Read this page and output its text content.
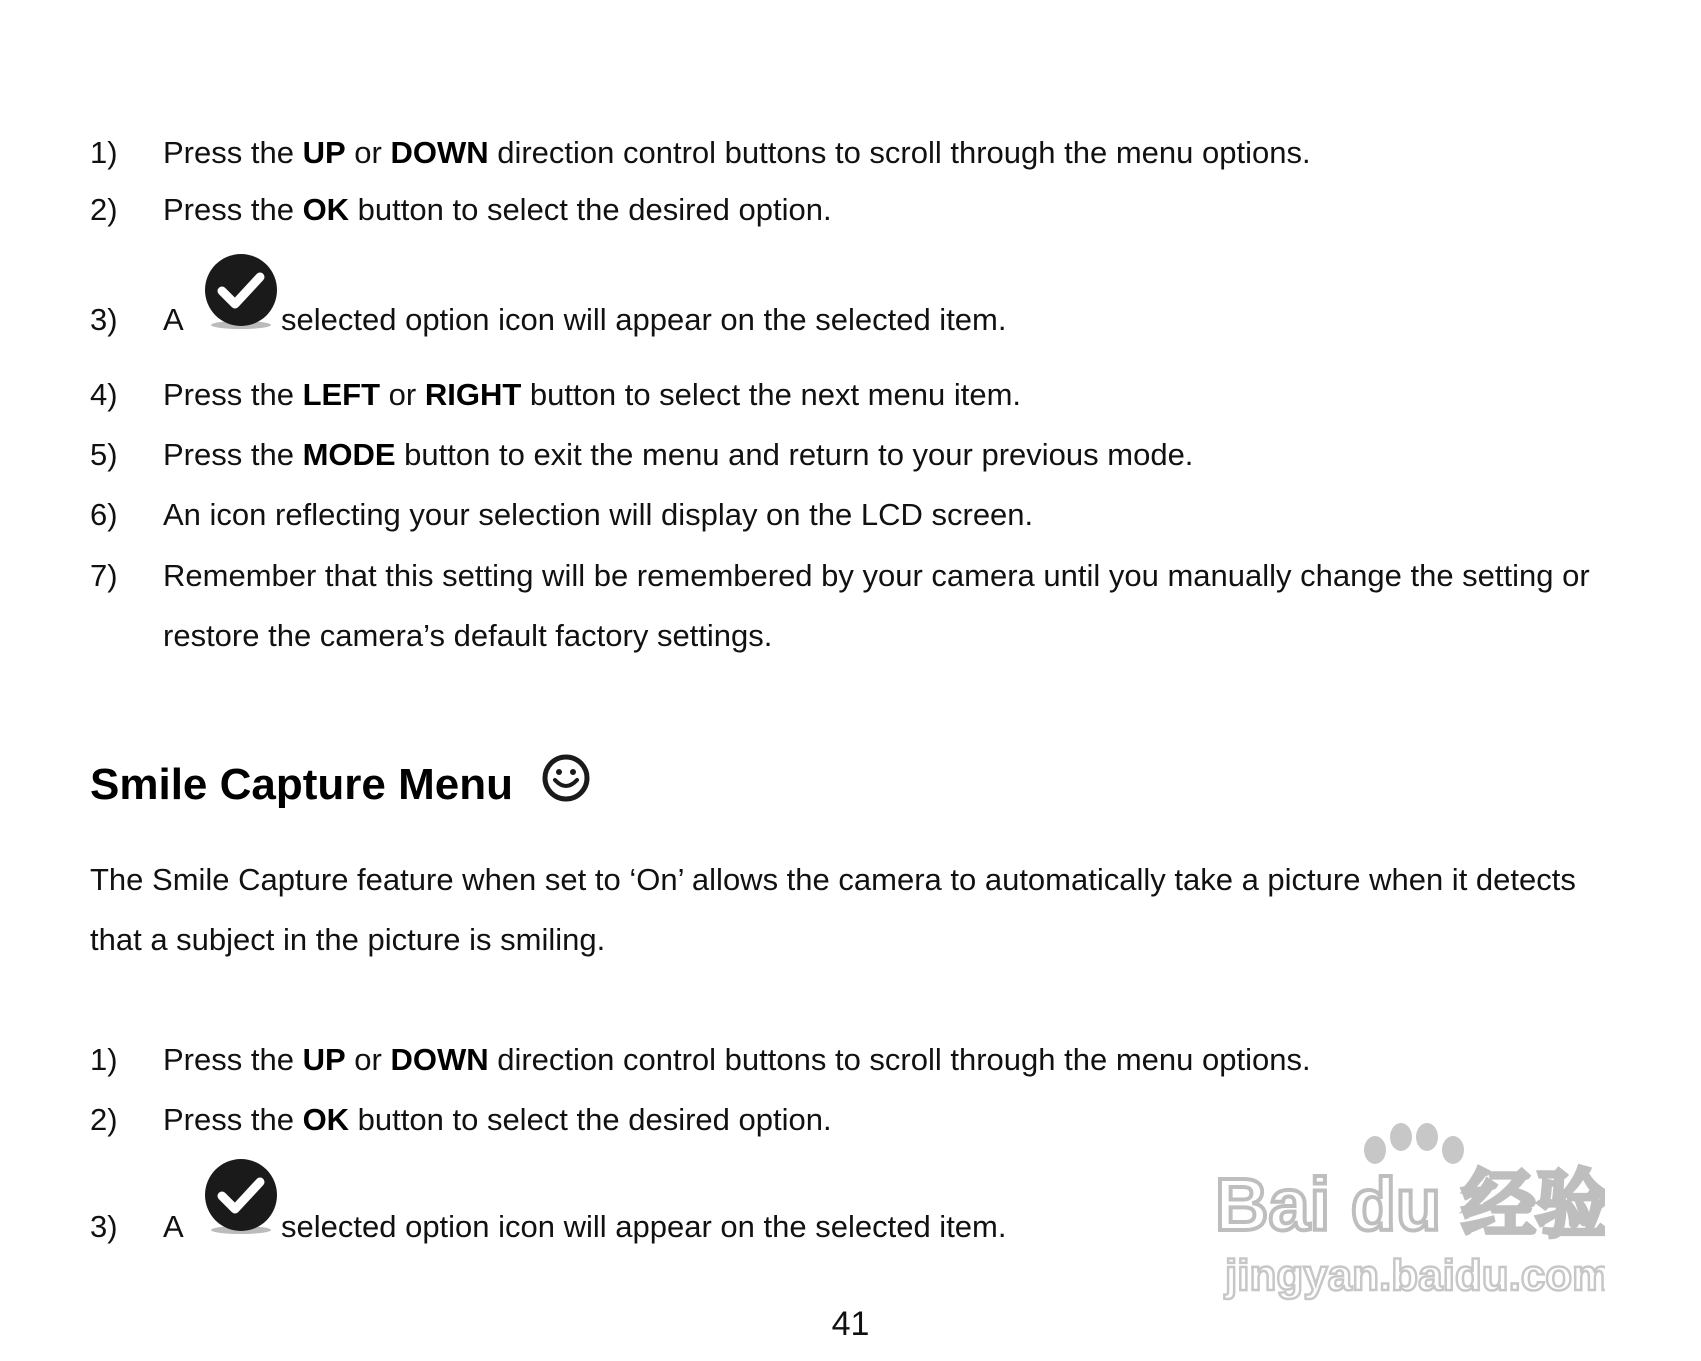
1) Press the UP or DOWN direction control buttons to scroll through the menu options.
2) Press the OK button to select the desired option.
3) A	selected option icon will appear on the selected item.
4) Press the LEFT or RIGHT button to select the next menu item.
5) Press the MODE button to exit the menu and return to your previous mode.
6) An icon reflecting your selection will display on the LCD screen.
7) Remember that this setting will be remembered by your camera until you manually change the setting or
restore the camera’s default factory settings.
Smile Capture Menu
The Smile Capture feature when set to ‘On’ allows the camera to automatically take a picture when it detects
that a subject in the picture is smiling.
1) Press the UP or DOWN direction control buttons to scroll through the menu options.
2) Press the OK button to select the desired option.
3) A	selected option icon will appear on the selected item.	Bai du 经验
jingyan.baidu.com
41
